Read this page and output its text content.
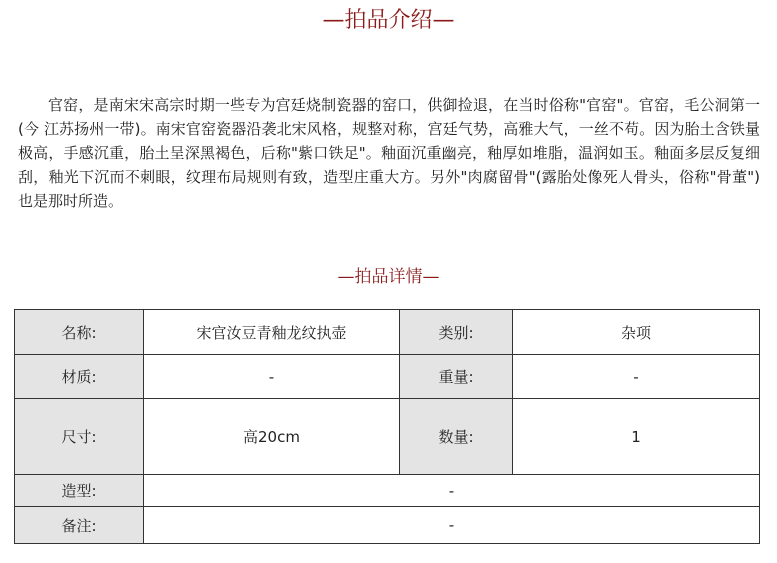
—拍品介绍—

官窑，是南宋宋高宗时期一些专为宫廷烧制瓷器的窑口，供御捡退，在当时俗称"官窑"。官窑，毛公洞第一(今 江苏扬州一带)。南宋官窑瓷器沿袭北宋风格，规整对称，宫廷气势，高雅大气，一丝不苟。因为胎土含铁量极高，手感沉重，胎土呈深黑褐色，后称"紫口铁足"。釉面沉重幽亮，釉厚如堆脂，温润如玉。釉面多层反复细刮，釉光下沉而不刺眼，纹理布局规则有致，造型庄重大方。另外"肉腐留骨"(露胎处像死人骨头，俗称"骨董")也是那时所造。

—拍品详情—
名称:	宋官汝豆青釉龙纹执壶	类别:	杂项
材质:	-	重量:	-
尺寸:	高20cm	数量:	1
造型:	-		
备注:	-		
